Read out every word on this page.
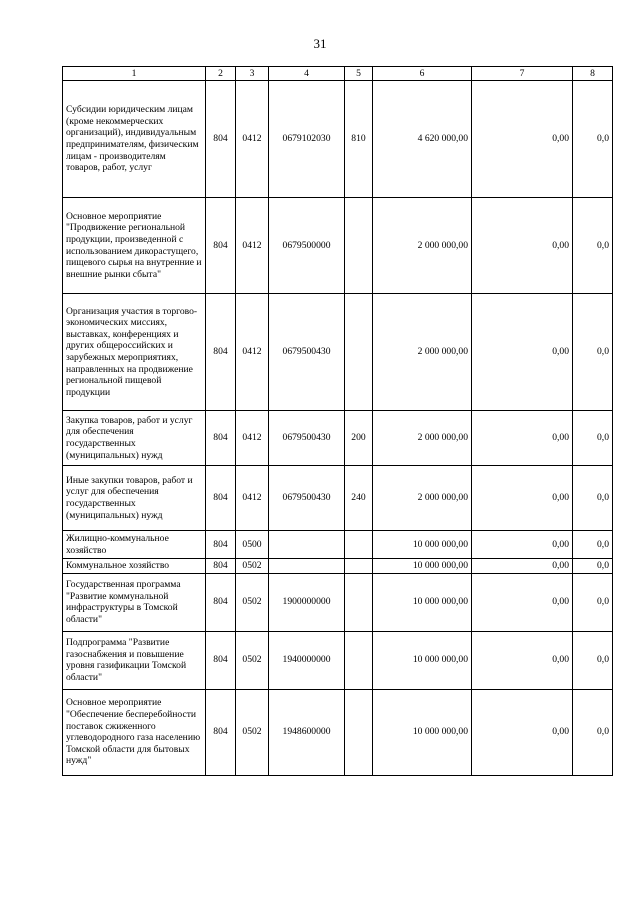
31
1	2	3	4	5	6	7	8
Субсидии юридическим лицам (кроме некоммерческих организаций), индивидуальным предпринимателям, физическим лицам - производителям товаров, работ, услуг	804	0412	0679102030	810	4 620 000,00	0,00	0,0
Основное мероприятие "Продвижение региональной продукции, произведенной с использованием дикорастущего, пищевого сырья на внутренние и внешние рынки сбыта"	804	0412	0679500000		2 000 000,00	0,00	0,0
Организация участия в торгово-экономических миссиях, выставках, конференциях и других общероссийских и зарубежных мероприятиях, направленных на продвижение региональной пищевой продукции	804	0412	0679500430		2 000 000,00	0,00	0,0
Закупка товаров, работ и услуг для обеспечения государственных (муниципальных) нужд	804	0412	0679500430	200	2 000 000,00	0,00	0,0
Иные закупки товаров, работ и услуг для обеспечения государственных (муниципальных) нужд	804	0412	0679500430	240	2 000 000,00	0,00	0,0
Жилищно-коммунальное хозяйство	804	0500			10 000 000,00	0,00	0,0
Коммунальное хозяйство	804	0502			10 000 000,00	0,00	0,0
Государственная программа "Развитие коммунальной инфраструктуры в Томской области"	804	0502	1900000000		10 000 000,00	0,00	0,0
Подпрограмма "Развитие газоснабжения и повышение уровня газификации Томской области"	804	0502	1940000000		10 000 000,00	0,00	0,0
Основное мероприятие "Обеспечение бесперебойности поставок сжиженного углеводородного газа населению Томской области для бытовых нужд"	804	0502	1948600000		10 000 000,00	0,00	0,0
